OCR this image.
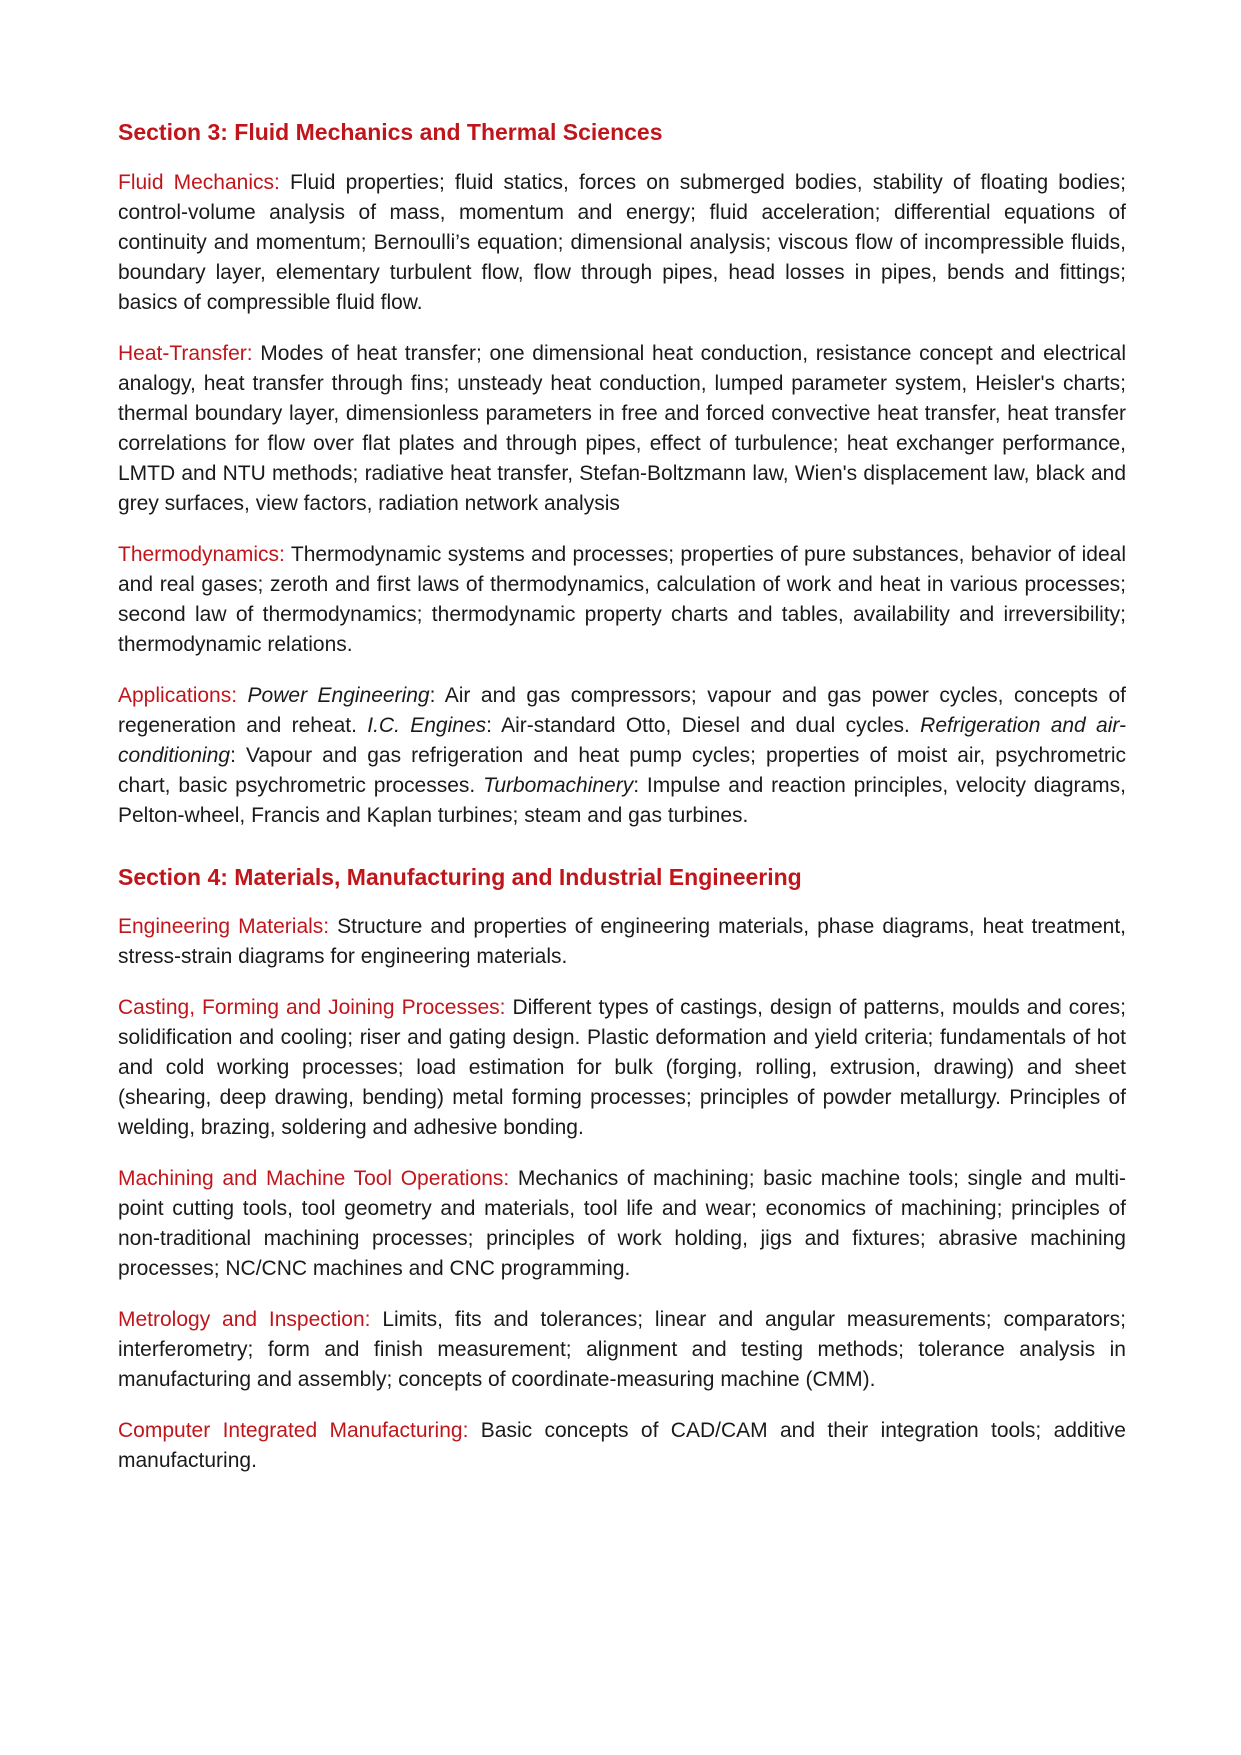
Section 3: Fluid Mechanics and Thermal Sciences

Fluid Mechanics: Fluid properties; fluid statics, forces on submerged bodies, stability of floating bodies; control-volume analysis of mass, momentum and energy; fluid acceleration; differential equations of continuity and momentum; Bernoulli’s equation; dimensional analysis; viscous flow of incompressible fluids, boundary layer, elementary turbulent flow, flow through pipes, head losses in pipes, bends and fittings; basics of compressible fluid flow.

Heat-Transfer: Modes of heat transfer; one dimensional heat conduction, resistance concept and electrical analogy, heat transfer through fins; unsteady heat conduction, lumped parameter system, Heisler's charts; thermal boundary layer, dimensionless parameters in free and forced convective heat transfer, heat transfer correlations for flow over flat plates and through pipes, effect of turbulence; heat exchanger performance, LMTD and NTU methods; radiative heat transfer, Stefan-Boltzmann law, Wien's displacement law, black and grey surfaces, view factors, radiation network analysis

Thermodynamics: Thermodynamic systems and processes; properties of pure substances, behavior of ideal and real gases; zeroth and first laws of thermodynamics, calculation of work and heat in various processes; second law of thermodynamics; thermodynamic property charts and tables, availability and irreversibility; thermodynamic relations.

Applications: Power Engineering: Air and gas compressors; vapour and gas power cycles, concepts of regeneration and reheat. I.C. Engines: Air-standard Otto, Diesel and dual cycles. Refrigeration and air-conditioning: Vapour and gas refrigeration and heat pump cycles; properties of moist air, psychrometric chart, basic psychrometric processes. Turbomachinery: Impulse and reaction principles, velocity diagrams, Pelton-wheel, Francis and Kaplan turbines; steam and gas turbines.

Section 4: Materials, Manufacturing and Industrial Engineering

Engineering Materials: Structure and properties of engineering materials, phase diagrams, heat treatment, stress-strain diagrams for engineering materials.

Casting, Forming and Joining Processes: Different types of castings, design of patterns, moulds and cores; solidification and cooling; riser and gating design. Plastic deformation and yield criteria; fundamentals of hot and cold working processes; load estimation for bulk (forging, rolling, extrusion, drawing) and sheet (shearing, deep drawing, bending) metal forming processes; principles of powder metallurgy. Principles of welding, brazing, soldering and adhesive bonding.

Machining and Machine Tool Operations: Mechanics of machining; basic machine tools; single and multi-point cutting tools, tool geometry and materials, tool life and wear; economics of machining; principles of non-traditional machining processes; principles of work holding, jigs and fixtures; abrasive machining processes; NC/CNC machines and CNC programming.

Metrology and Inspection: Limits, fits and tolerances; linear and angular measurements; comparators; interferometry; form and finish measurement; alignment and testing methods; tolerance analysis in manufacturing and assembly; concepts of coordinate-measuring machine (CMM).

Computer Integrated Manufacturing: Basic concepts of CAD/CAM and their integration tools; additive manufacturing.
